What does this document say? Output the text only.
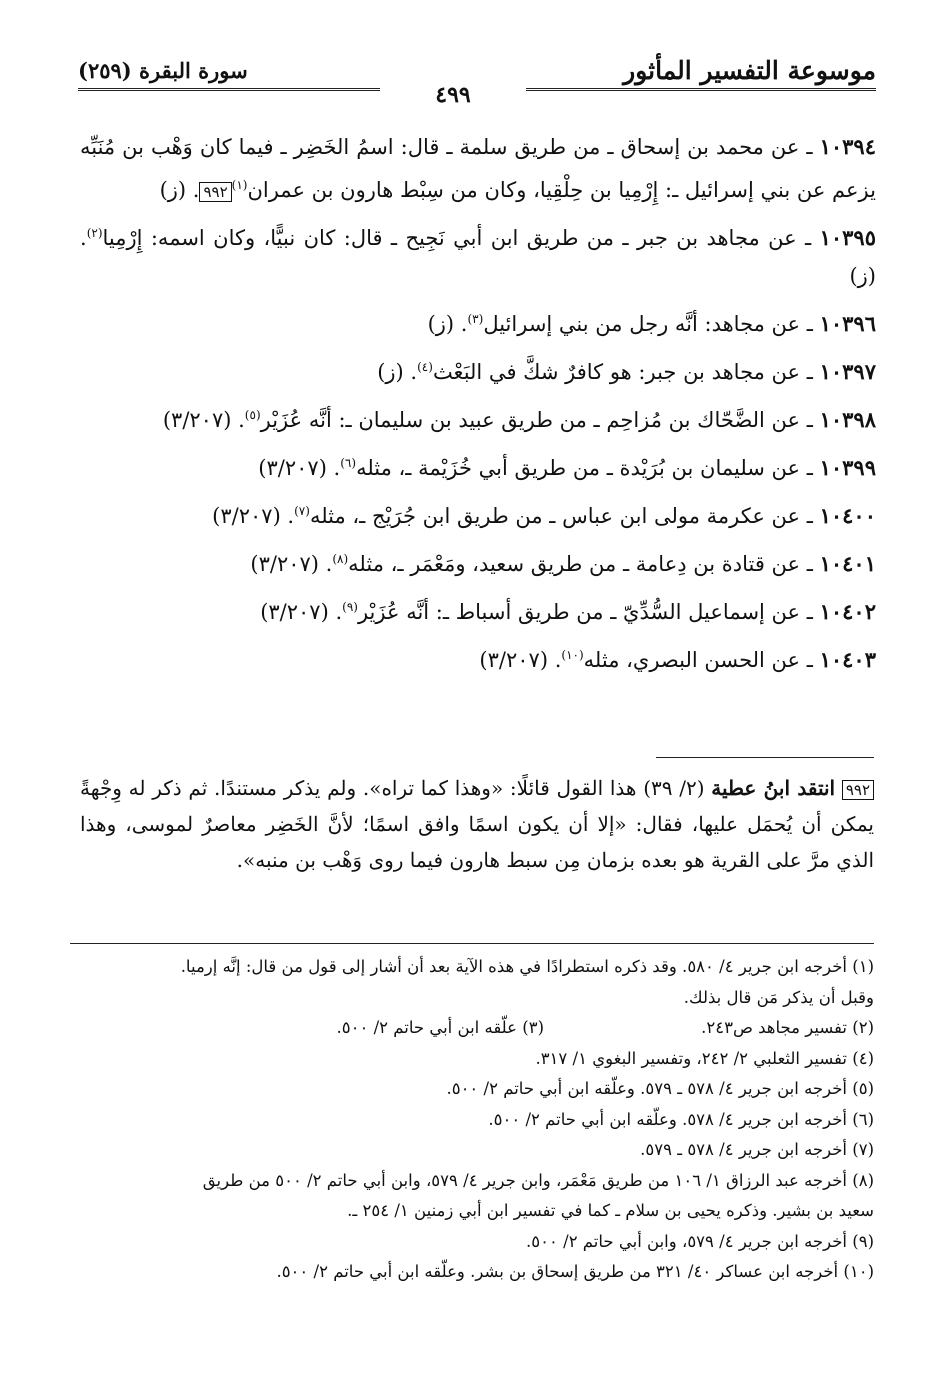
موسوعة التفسير المأثور
سورة البقرة (٢٥٩)
٤٩٩
١٠٣٩٤ ـ عن محمد بن إسحاق ـ من طريق سلمة ـ قال: اسمُ الخَضِر ـ فيما كان وَهْب بن مُنَبِّه يزعم عن بني إسرائيل ـ: إِرْمِيا بن حِلْقِيا، وكان من سِبْط هارون بن عمران$^{(١)}$٩٩٢. (ز)
١٠٣٩٥ ـ عن مجاهد بن جبر ـ من طريق ابن أبي نَجِيح ـ قال: كان نبيًّا، وكان اسمه: إِرْمِيا$^{(٢)}$. (ز)
١٠٣٩٦ ـ عن مجاهد: أنَّه رجل من بني إسرائيل$^{(٣)}$. (ز)
١٠٣٩٧ ـ عن مجاهد بن جبر: هو كافرٌ شكَّ في البَعْث$^{(٤)}$. (ز)
١٠٣٩٨ ـ عن الضَّحّاك بن مُزاحِم ـ من طريق عبيد بن سليمان ـ: أنَّه عُزَيْر$^{(٥)}$. (٣/٢٠٧)
١٠٣٩٩ ـ عن سليمان بن بُرَيْدة ـ من طريق أبي خُزَيْمة ـ، مثله$^{(٦)}$. (٣/٢٠٧)
١٠٤٠٠ ـ عن عكرمة مولى ابن عباس ـ من طريق ابن جُرَيْج ـ، مثله$^{(٧)}$. (٣/٢٠٧)
١٠٤٠١ ـ عن قتادة بن دِعامة ـ من طريق سعيد، ومَعْمَر ـ، مثله$^{(٨)}$. (٣/٢٠٧)
١٠٤٠٢ ـ عن إسماعيل السُّدِّيّ ـ من طريق أسباط ـ: أنَّه عُزَيْر$^{(٩)}$. (٣/٢٠٧)
١٠٤٠٣ ـ عن الحسن البصري، مثله$^{(١٠)}$. (٣/٢٠٧)
٩٩٢ انتقد ابنُ عطية (٢/ ٣٩) هذا القول قائلًا: «وهذا كما تراه». ولم يذكر مستندًا. ثم ذكر له وِجْهةً يمكن أن يُحمَل عليها، فقال: «إلا أن يكون اسمًا وافق اسمًا؛ لأنَّ الخَضِر معاصرٌ لموسى، وهذا الذي مرَّ على القرية هو بعده بزمان مِن سبط هارون فيما روى وَهْب بن منبه».
(١) أخرجه ابن جرير ٤/ ٥٨٠. وقد ذكره استطرادًا في هذه الآية بعد أن أشار إلى قول من قال: إنَّه إرميا.
وقبل أن يذكر مَن قال بذلك.
(٢) تفسير مجاهد ص٢٤٣.
(٣) علّقه ابن أبي حاتم ٢/ ٥٠٠.
(٤) تفسير الثعلبي ٢/ ٢٤٢، وتفسير البغوي ١/ ٣١٧.
(٥) أخرجه ابن جرير ٤/ ٥٧٨ ـ ٥٧٩. وعلّقه ابن أبي حاتم ٢/ ٥٠٠.
(٦) أخرجه ابن جرير ٤/ ٥٧٨. وعلّقه ابن أبي حاتم ٢/ ٥٠٠.
(٧) أخرجه ابن جرير ٤/ ٥٧٨ ـ ٥٧٩.
(٨) أخرجه عبد الرزاق ١/ ١٠٦ من طريق مَعْمَر، وابن جرير ٤/ ٥٧٩، وابن أبي حاتم ٢/ ٥٠٠ من طريق
سعيد بن بشير. وذكره يحيى بن سلام ـ كما في تفسير ابن أبي زمنين ١/ ٢٥٤ ـ.
(٩) أخرجه ابن جرير ٤/ ٥٧٩، وابن أبي حاتم ٢/ ٥٠٠.
(١٠) أخرجه ابن عساكر ٤٠/ ٣٢١ من طريق إسحاق بن بشر. وعلّقه ابن أبي حاتم ٢/ ٥٠٠.
